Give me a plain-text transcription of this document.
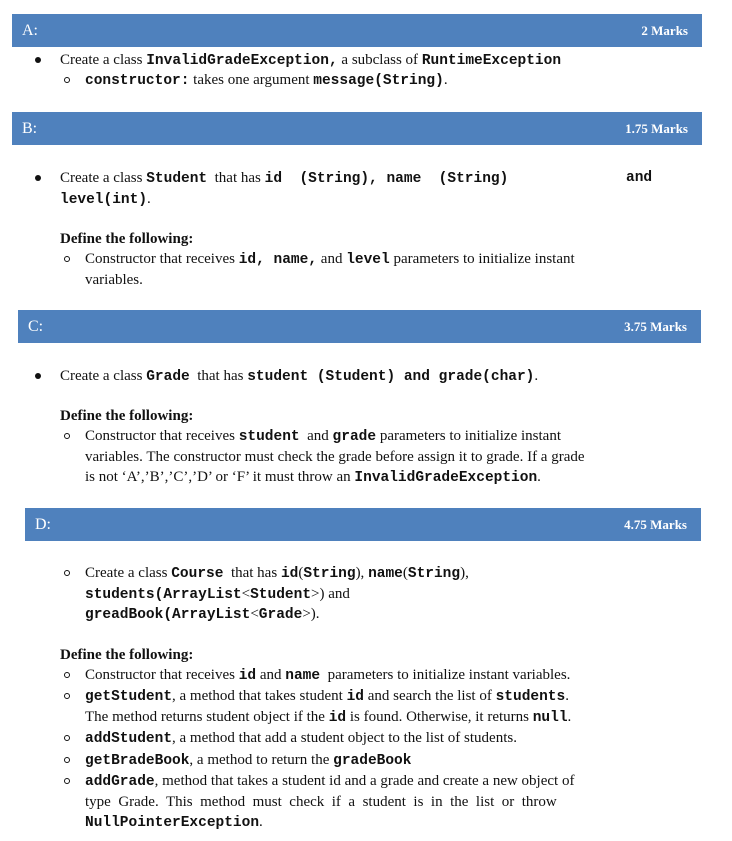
A:	2 Marks
Create a class InvalidGradeException, a subclass of RuntimeException
constructor: takes one argument message(String).
B:	1.75 Marks
Create a class Student  that has id  (String), name  (String)	and
level(int).
Define the following:
Constructor that receives id, name, and level parameters to initialize instant
variables.
C:	3.75 Marks
Create a class Grade  that has student (Student) and grade(char).
Define the following:
Constructor that receives student  and grade parameters to initialize instant
variables. The constructor must check the grade before assign it to grade. If a grade
is not ‘A’,’B’,’C’,’D’ or ‘F’ it must throw an InvalidGradeException.
D:	4.75 Marks
Create a class Course  that has id(String), name(String),
students(ArrayList<Student>) and
greadBook(ArrayList<Grade>).
Define the following:
Constructor that receives id and name  parameters to initialize instant variables.
getStudent, a method that takes student id and search the list of students.
The method returns student object if the id is found. Otherwise, it returns null.
addStudent, a method that add a student object to the list of students.
getBradeBook, a method to return the gradeBook
addGrade, method that takes a student id and a grade and create a new object of
type  Grade.  This  method  must  check  if  a  student  is  in  the  list  or  throw
NullPointerException.
